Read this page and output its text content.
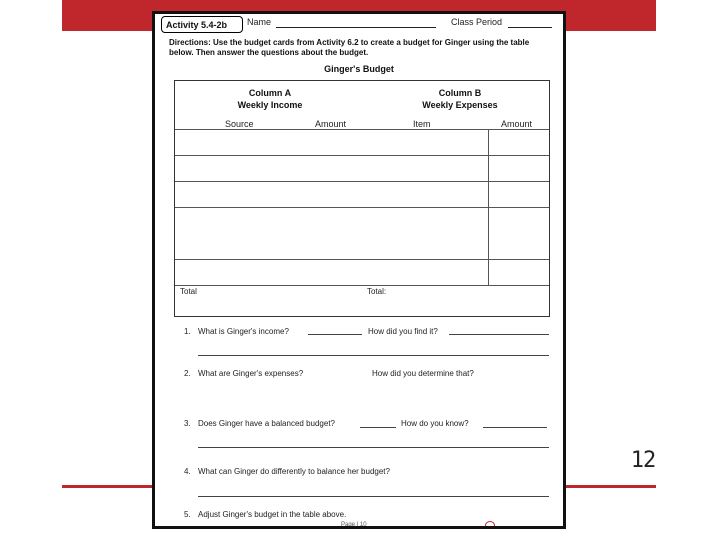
12
Activity 5.4-2b	Name	Class Period
Directions: Use the budget cards from Activity 6.2 to create a budget for Ginger using the table below. Then answer the questions about the budget.
Ginger's Budget
Column A
Weekly Income
Column B
Weekly Expenses
Source	Amount	Item	Amount
Total	Total:
1. What is Ginger's income?	How did you find it?
2. What are Ginger's expenses?	How did you determine that?
3. Does Ginger have a balanced budget?	How do you know?
4. What can Ginger do differently to balance her budget?
5. Adjust Ginger's budget in the table above.
Page | 10
